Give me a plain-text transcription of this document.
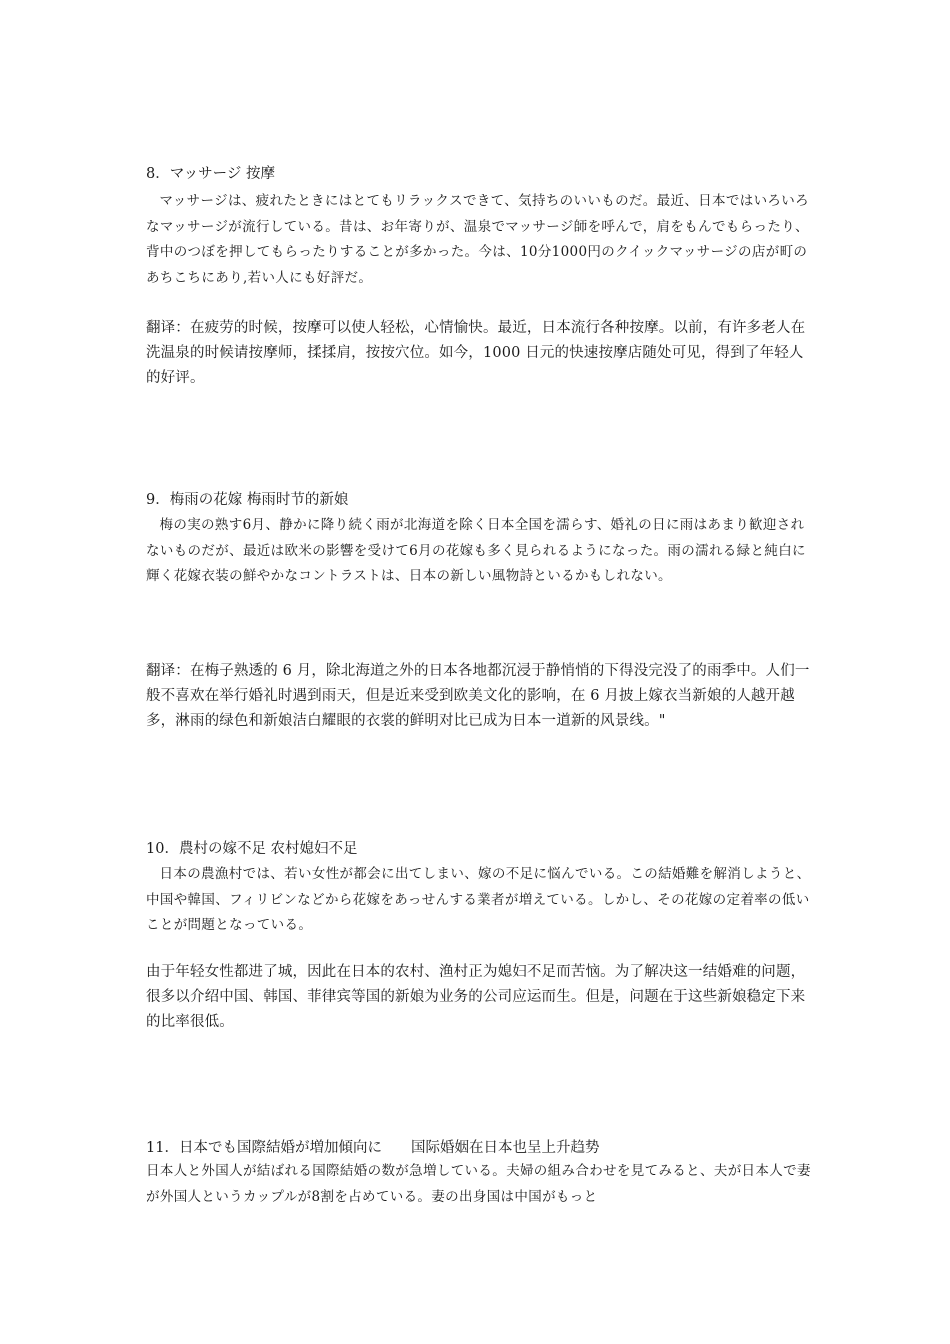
8．マッサージ 按摩
マッサージは、疲れたときにはとてもリラックスできて、気持ちのいいものだ。最近、日本ではいろいろなマッサージが流行している。昔は、お年寄りが、温泉でマッサージ師を呼んで，肩をもんでもらったり、背中のつぼを押してもらったりすることが多かった。今は、10分1000円のクイックマッサージの店が町のあちこちにあり,若い人にも好評だ。
翻译：在疲劳的时候，按摩可以使人轻松，心情愉快。最近，日本流行各种按摩。以前，有许多老人在洗温泉的时候请按摩师，揉揉肩，按按穴位。如今，1000 日元的快速按摩店随处可见，得到了年轻人的好评。
9．梅雨の花嫁 梅雨时节的新娘
梅の実の熟す6月、静かに降り続く雨が北海道を除く日本全国を濡らす、婚礼の日に雨はあまり歓迎されないものだが、最近は欧米の影響を受けて6月の花嫁も多く見られるようになった。雨の濡れる緑と純白に輝く花嫁衣装の鮮やかなコントラストは、日本の新しい風物詩といるかもしれない。
翻译：在梅子熟透的 6 月，除北海道之外的日本各地都沉浸于静悄悄的下得没完没了的雨季中。人们一般不喜欢在举行婚礼时遇到雨天，但是近来受到欧美文化的影响，在 6 月披上嫁衣当新娘的人越开越多，淋雨的绿色和新娘洁白耀眼的衣裳的鲜明对比已成为日本一道新的风景线。"
10．農村の嫁不足 农村媳妇不足
日本の農漁村では、若い女性が都会に出てしまい、嫁の不足に悩んでいる。この結婚難を解消しようと、中国や韓国、フィリビンなどから花嫁をあっせんする業者が増えている。しかし、その花嫁の定着率の低いことが問題となっている。
由于年轻女性都进了城，因此在日本的农村、渔村正为媳妇不足而苦恼。为了解决这一结婚难的问题，很多以介绍中国、韩国、菲律宾等国的新娘为业务的公司应运而生。但是，问题在于这些新娘稳定下来的比率很低。
11．日本でも国際結婚が増加傾向に　　国际婚姻在日本也呈上升趋势
日本人と外国人が結ばれる国際結婚の数が急増している。夫婦の組み合わせを見てみると、夫が日本人で妻が外国人というカップルが8割を占めている。妻の出身国は中国がもっと
